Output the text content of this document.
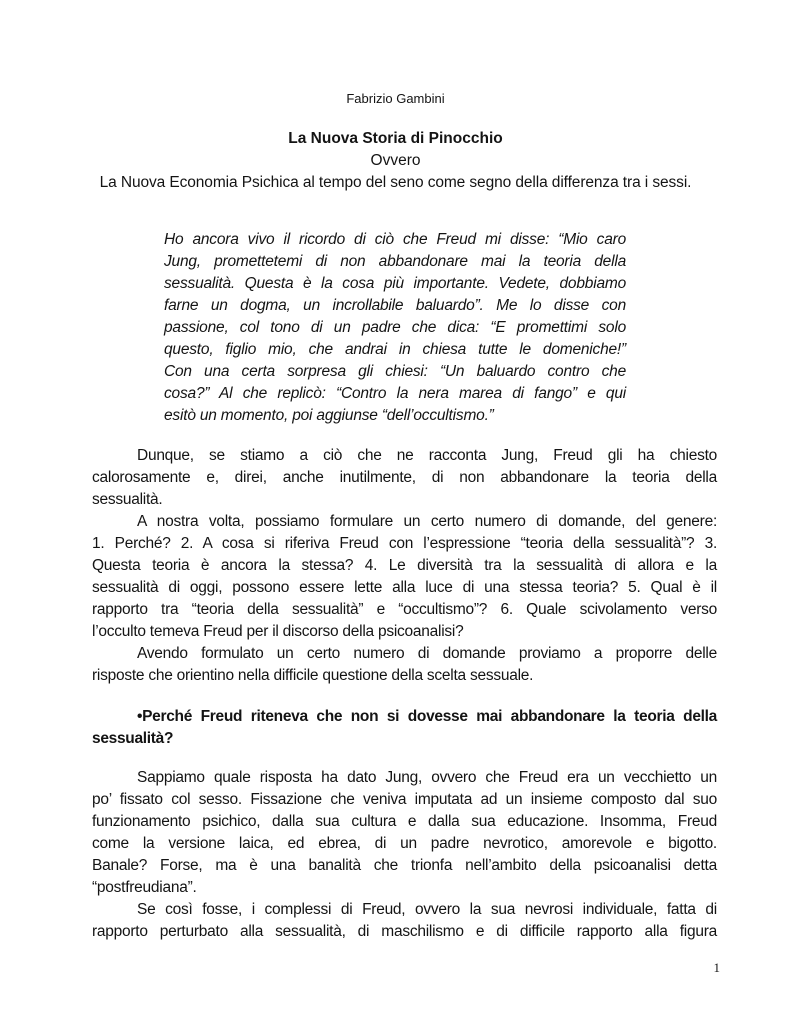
Fabrizio Gambini
La Nuova Storia di Pinocchio
Ovvero
La Nuova Economia Psichica al tempo del seno come segno della differenza tra i sessi.
Ho ancora vivo il ricordo di ciò che Freud mi disse: “Mio caro
Jung, promettetemi di non abbandonare mai la teoria della
sessualità. Questa è la cosa più importante. Vedete, dobbiamo
farne un dogma, un incrollabile baluardo”. Me lo disse con
passione, col tono di un padre che dica: “E promettimi solo
questo, figlio mio, che andrai in chiesa tutte le domeniche!”
Con una certa sorpresa gli chiesi: “Un baluardo contro che
cosa?” Al che replicò: “Contro la nera marea di fango” e qui
esitò un momento, poi aggiunse “dell’occultismo.”
Dunque, se stiamo a ciò che ne racconta Jung, Freud gli ha chiesto
calorosamente e, direi, anche inutilmente, di non abbandonare la teoria della
sessualità.
A nostra volta, possiamo formulare un certo numero di domande, del genere:
1. Perché? 2. A cosa si riferiva Freud con l’espressione “teoria della sessualità”? 3.
Questa teoria è ancora la stessa? 4. Le diversità tra la sessualità di allora e la
sessualità di oggi, possono essere lette alla luce di una stessa teoria? 5. Qual è il
rapporto tra “teoria della sessualità” e “occultismo”? 6. Quale scivolamento verso
l’occulto temeva Freud per il discorso della psicoanalisi?
Avendo formulato un certo numero di domande proviamo a proporre delle
risposte che orientino nella difficile questione della scelta sessuale.
•Perché Freud riteneva che non si dovesse mai abbandonare la teoria della
sessualità?
Sappiamo quale risposta ha dato Jung, ovvero che Freud era un vecchietto un
po’ fissato col sesso. Fissazione che veniva imputata ad un insieme composto dal suo
funzionamento psichico, dalla sua cultura e dalla sua educazione. Insomma, Freud
come la versione laica, ed ebrea, di un padre nevrotico, amorevole e bigotto.
Banale? Forse, ma è una banalità che trionfa nell’ambito della psicoanalisi detta
“postfreudiana”.
Se così fosse, i complessi di Freud, ovvero la sua nevrosi individuale, fatta di
rapporto perturbato alla sessualità, di maschilismo e di difficile rapporto alla figura
1
